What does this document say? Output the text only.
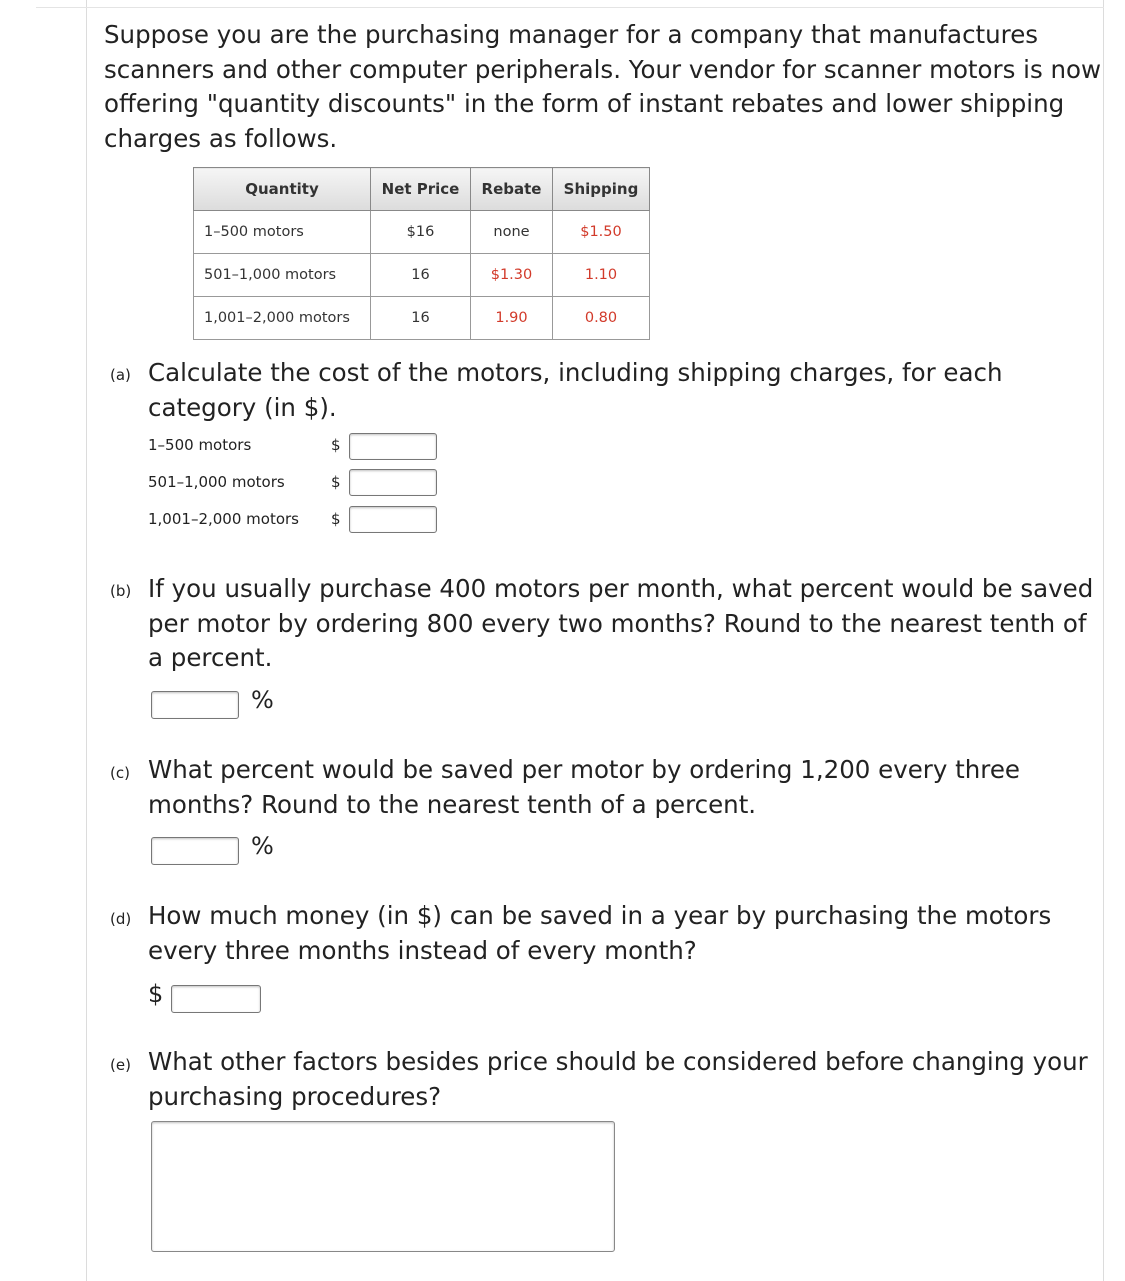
Suppose you are the purchasing manager for a company that manufactures scanners and other computer peripherals. Your vendor for scanner motors is now offering "quantity discounts" in the form of instant rebates and lower shipping charges as follows.

Quantity	Net Price	Rebate	Shipping
1–500 motors	$16	none	$1.50
501–1,000 motors	16	$1.30	1.10
1,001–2,000 motors	16	1.90	0.80
(a) Calculate the cost of the motors, including shipping charges, for each category (in $).

1–500 motors	$
501–1,000 motors	$
1,001–2,000 motors $
(b) If you usually purchase 400 motors per month, what percent would be saved per motor by ordering 800 every two months? Round to the nearest tenth of a percent.

%
(c) What percent would be saved per motor by ordering 1,200 every three months? Round to the nearest tenth of a percent.

%
(d) How much money (in $) can be saved in a year by purchasing the motors every three months instead of every month?

$
(e) What other factors besides price should be considered before changing your purchasing procedures?
